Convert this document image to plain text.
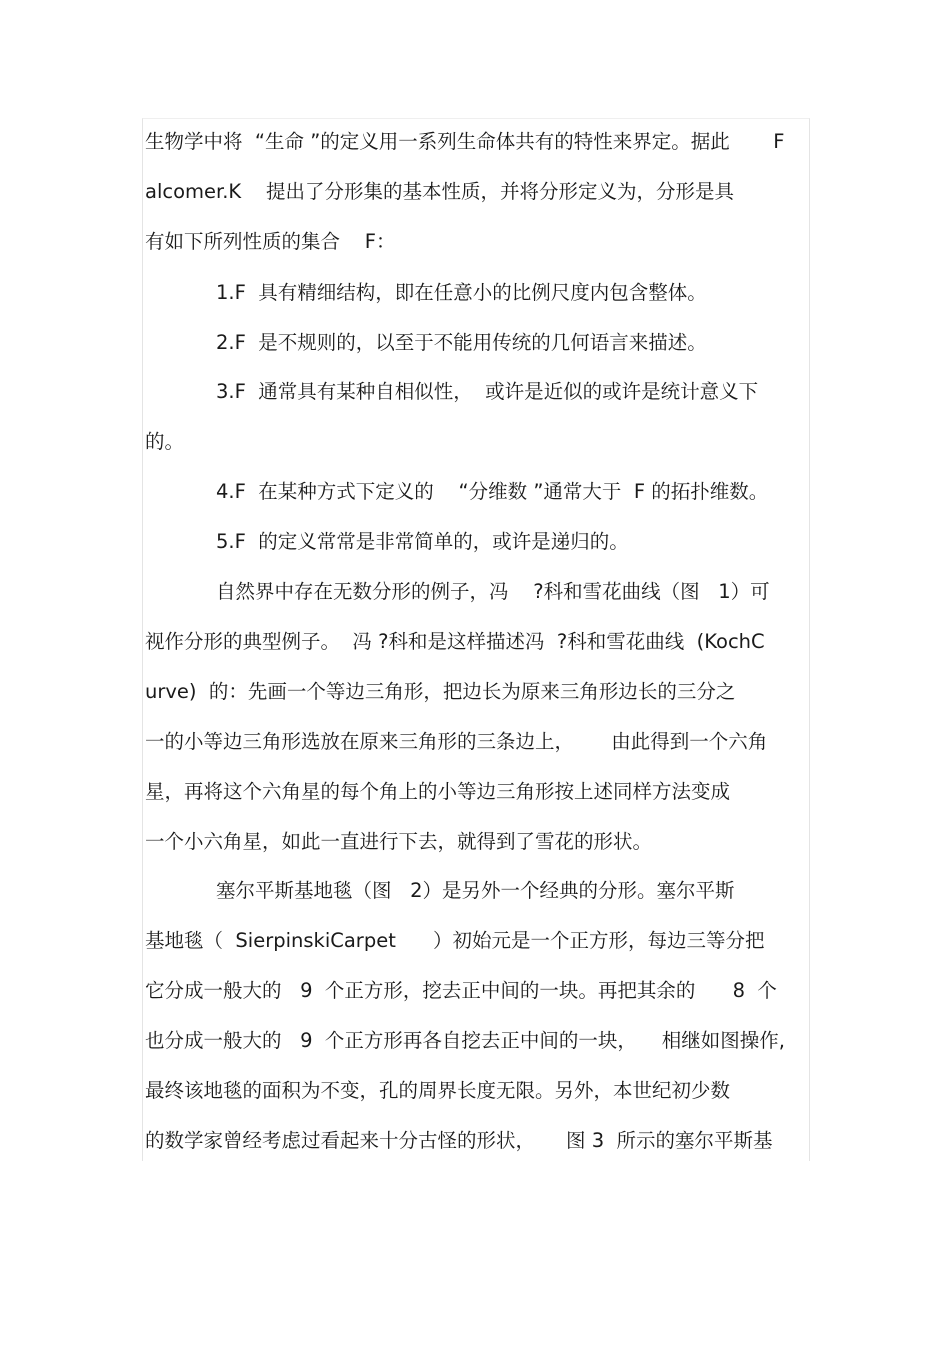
生物学中将  “生命 ”的定义用一系列生命体共有的特性来界定。据此       F
alcomer.K    提出了分形集的基本性质，并将分形定义为，分形是具
有如下所列性质的集合    F：
1.F  具有精细结构，即在任意小的比例尺度内包含整体。
2.F  是不规则的，以至于不能用传统的几何语言来描述。
3.F  通常具有某种自相似性，  或许是近似的或许是统计意义下
的。
4.F  在某种方式下定义的    “分维数 ”通常大于  F 的拓扑维数。
5.F  的定义常常是非常简单的，或许是递归的。
自然界中存在无数分形的例子，冯    ?科和雪花曲线（图   1）可
视作分形的典型例子。  冯 ?科和是这样描述冯  ?科和雪花曲线  (KochC
urve)  的：先画一个等边三角形，把边长为原来三角形边长的三分之
一的小等边三角形选放在原来三角形的三条边上，      由此得到一个六角
星，再将这个六角星的每个角上的小等边三角形按上述同样方法变成
一个小六角星，如此一直进行下去，就得到了雪花的形状。
塞尔平斯基地毯（图   2）是另外一个经典的分形。塞尔平斯
基地毯（  SierpinskiCarpet      ）初始元是一个正方形，每边三等分把
它分成一般大的   9  个正方形，挖去正中间的一块。再把其余的      8  个
也分成一般大的   9  个正方形再各自挖去正中间的一块，    相继如图操作,
最终该地毯的面积为不变，孔的周界长度无限。另外，本世纪初少数
的数学家曾经考虑过看起来十分古怪的形状，     图 3  所示的塞尔平斯基
